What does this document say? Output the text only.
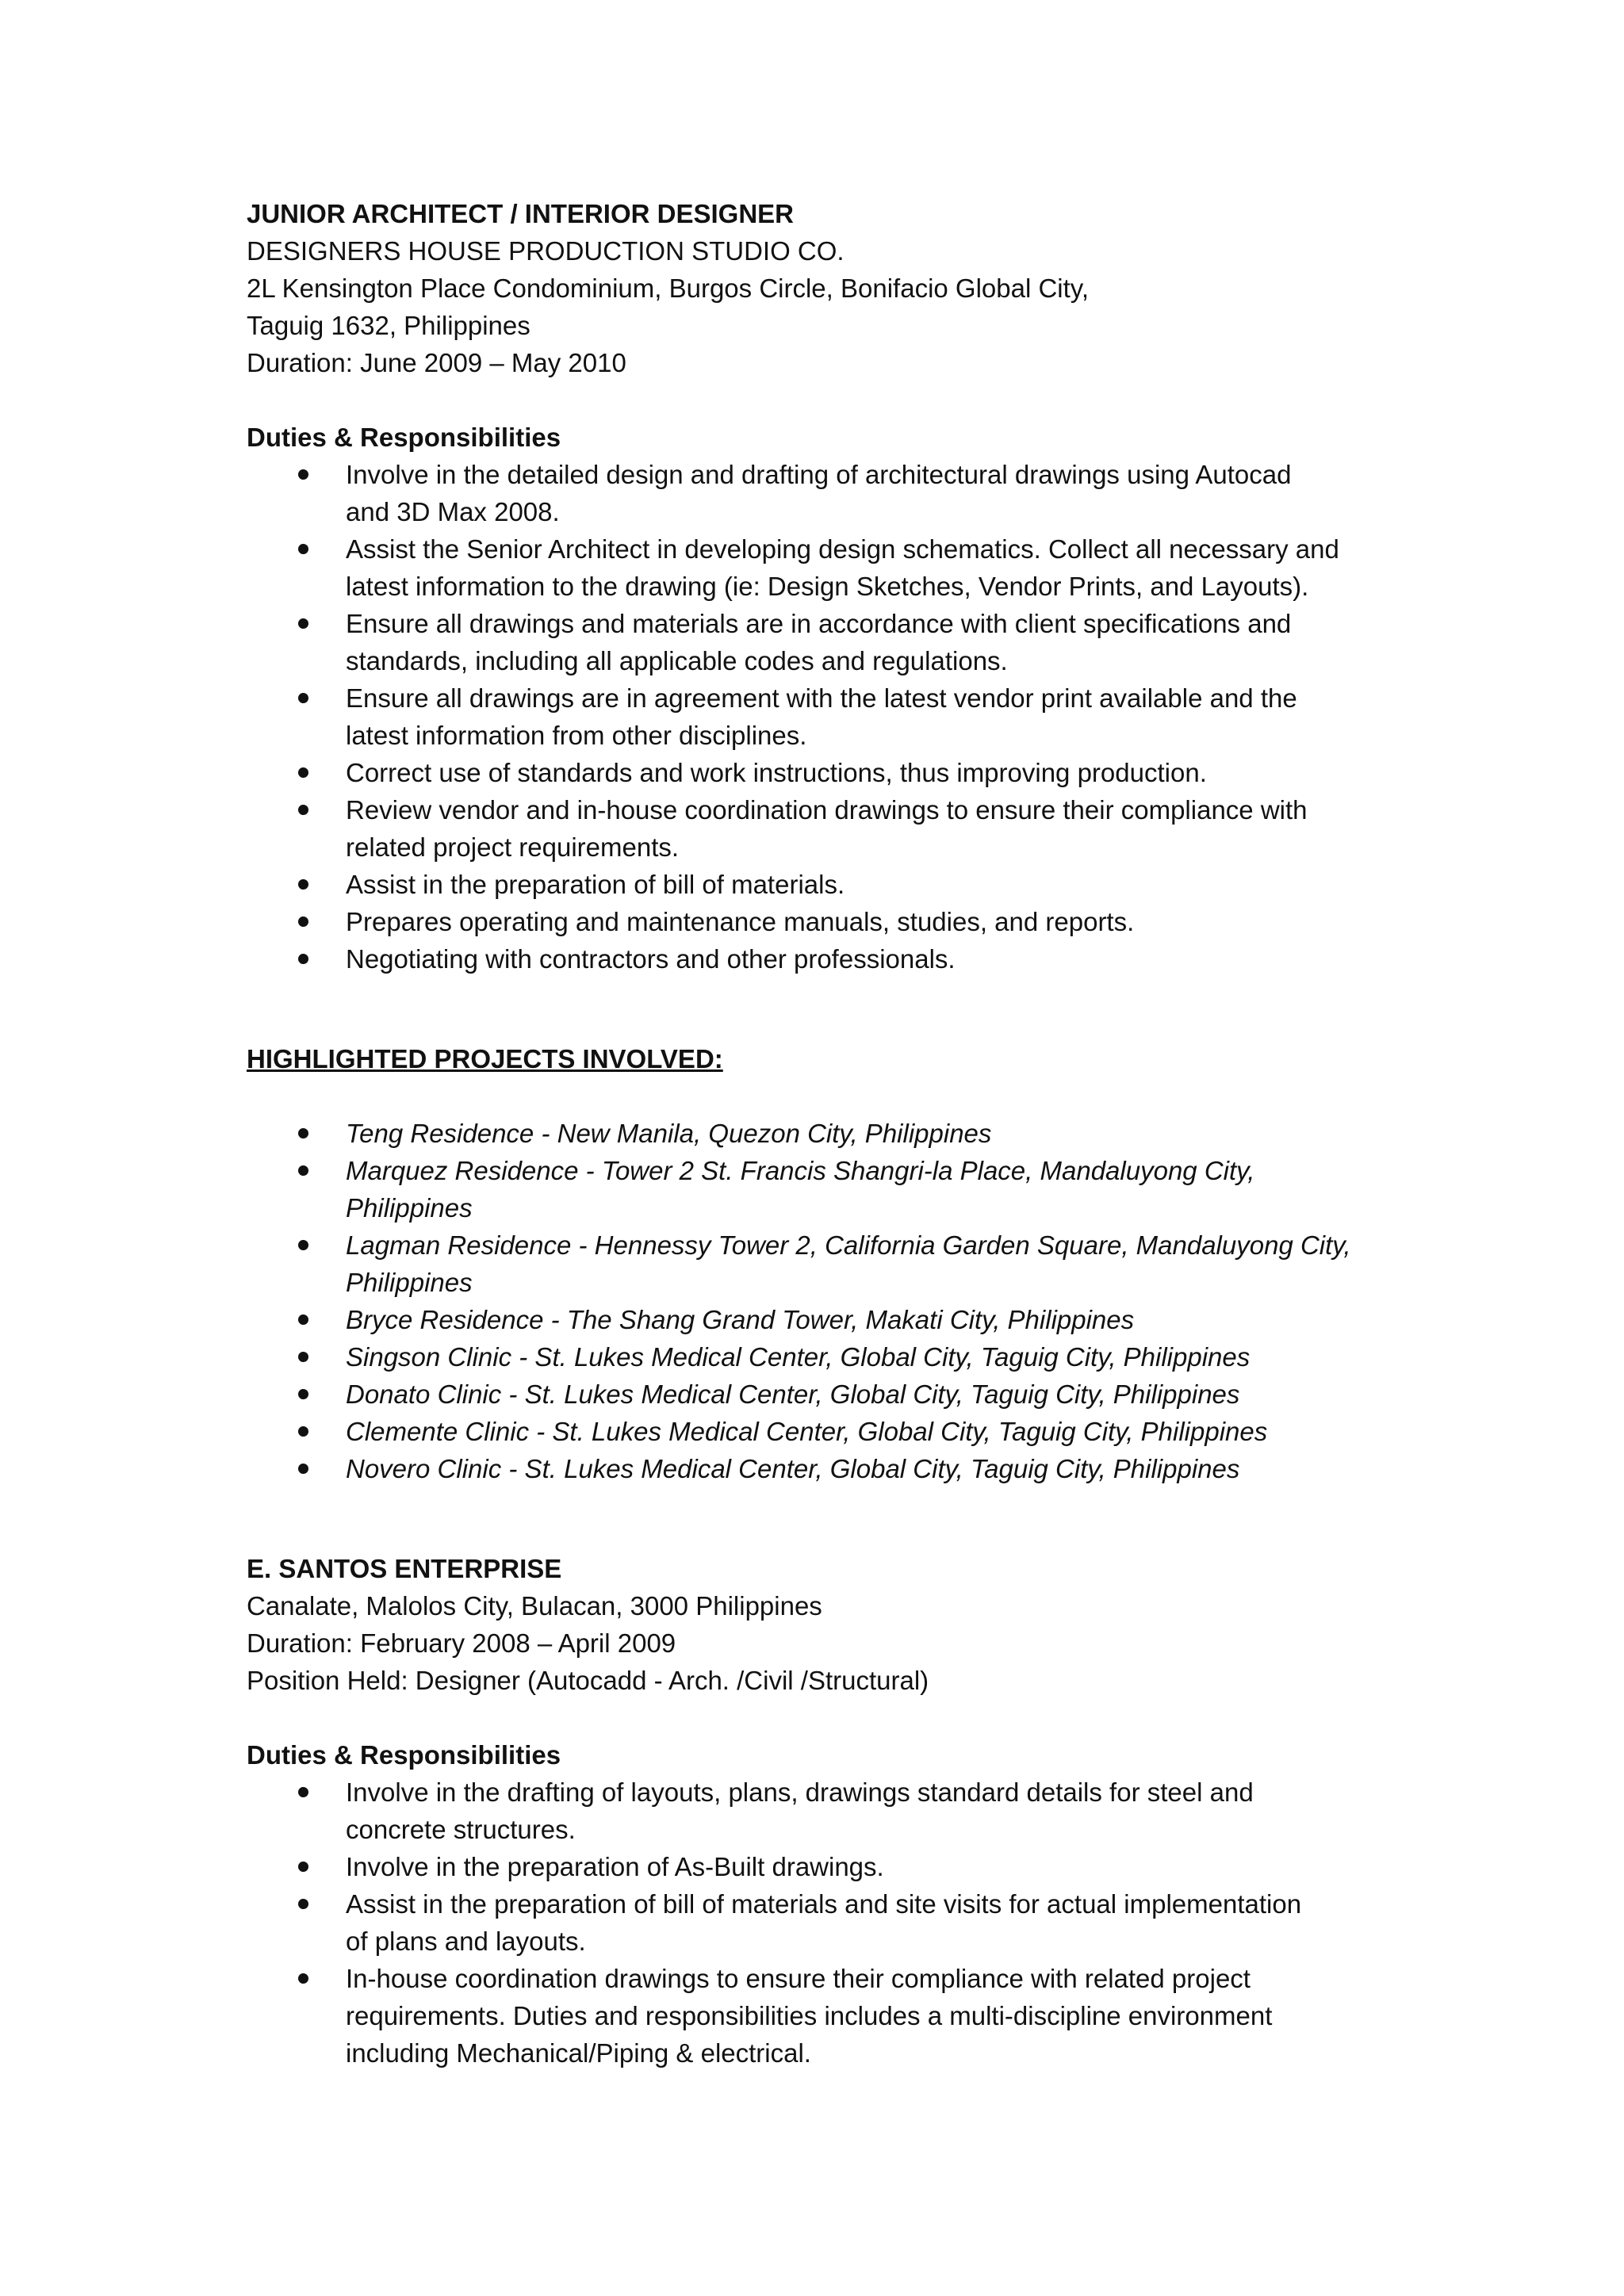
JUNIOR ARCHITECT / INTERIOR DESIGNER
DESIGNERS HOUSE PRODUCTION STUDIO CO.
2L Kensington Place Condominium, Burgos Circle, Bonifacio Global City,
Taguig 1632, Philippines
Duration: June 2009 – May 2010
Duties & Responsibilities
Involve in the detailed design and drafting of architectural drawings using Autocad
and 3D Max 2008.
Assist the Senior Architect in developing design schematics. Collect all necessary and
latest information to the drawing (ie: Design Sketches, Vendor Prints, and Layouts).
Ensure all drawings and materials are in accordance with client specifications and
standards, including all applicable codes and regulations.
Ensure all drawings are in agreement with the latest vendor print available and the
latest information from other disciplines.
Correct use of standards and work instructions, thus improving production.
Review vendor and in-house coordination drawings to ensure their compliance with
related project requirements.
Assist in the preparation of bill of materials.
Prepares operating and maintenance manuals, studies, and reports.
Negotiating with contractors and other professionals.
HIGHLIGHTED PROJECTS INVOLVED:
Teng Residence - New Manila, Quezon City, Philippines
Marquez Residence - Tower 2 St. Francis Shangri-la Place, Mandaluyong City,
Philippines
Lagman Residence - Hennessy Tower 2, California Garden Square, Mandaluyong City,
Philippines
Bryce Residence - The Shang Grand Tower, Makati City, Philippines
Singson Clinic - St. Lukes Medical Center, Global City, Taguig City, Philippines
Donato Clinic - St. Lukes Medical Center, Global City, Taguig City, Philippines
Clemente Clinic - St. Lukes Medical Center, Global City, Taguig City, Philippines
Novero Clinic - St. Lukes Medical Center, Global City, Taguig City, Philippines
E. SANTOS ENTERPRISE
Canalate, Malolos City, Bulacan, 3000 Philippines
Duration: February 2008 – April 2009
Position Held: Designer (Autocadd - Arch. /Civil /Structural)
Duties & Responsibilities
Involve in the drafting of layouts, plans, drawings standard details for steel and
concrete structures.
Involve in the preparation of As-Built drawings.
Assist in the preparation of bill of materials and site visits for actual implementation
of plans and layouts.
In-house coordination drawings to ensure their compliance with related project
requirements. Duties and responsibilities includes a multi-discipline environment
including Mechanical/Piping & electrical.
